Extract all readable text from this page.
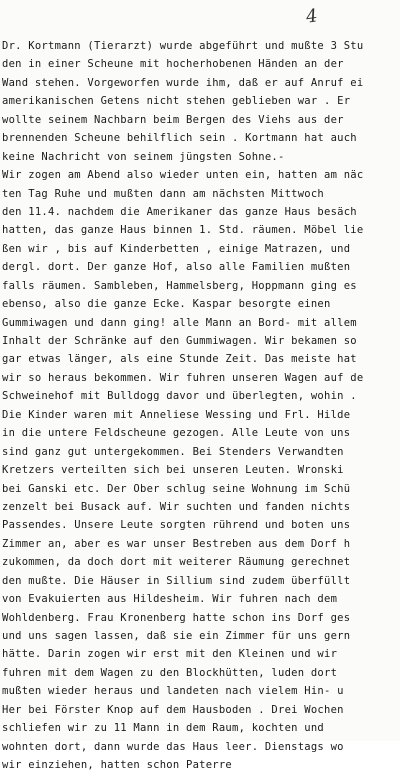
4
Dr. Kortmann (Tierarzt) wurde abgeführt und mußte 3 Stu
den in einer Scheune mit hocherhobenen Händen an der
Wand stehen. Vorgeworfen wurde ihm, daß er auf Anruf ei
amerikanischen Getens nicht stehen geblieben war . Er
wollte seinem Nachbarn beim Bergen des Viehs aus der
brennenden Scheune behilflich sein . Kortmann hat auch
keine Nachricht von seinem jüngsten Sohne.-
Wir zogen am Abend also wieder unten ein, hatten am näc
ten Tag Ruhe und mußten dann am nächsten Mittwoch
den 11.4. nachdem die Amerikaner das ganze Haus besäch
hatten, das ganze Haus binnen 1. Std. räumen. Möbel lie
ßen wir , bis auf Kinderbetten , einige Matrazen, und
dergl. dort. Der ganze Hof, also alle Familien mußten
falls räumen. Sambleben, Hammelsberg, Hoppmann ging es
ebenso, also die ganze Ecke. Kaspar besorgte einen
Gummiwagen und dann ging! alle Mann an Bord- mit allem
Inhalt der Schränke auf den Gummiwagen. Wir bekamen so
gar etwas länger, als eine Stunde Zeit. Das meiste hat
wir so heraus bekommen. Wir fuhren unseren Wagen auf de
Schweinehof mit Bulldogg davor und überlegten, wohin .
Die Kinder waren mit Anneliese Wessing und Frl. Hilde
in die untere Feldscheune gezogen. Alle Leute von uns
sind ganz gut untergekommen. Bei Stenders Verwandten
Kretzers verteilten sich bei unseren Leuten. Wronski
bei Ganski etc. Der Ober schlug seine Wohnung im Schü
zenzelt bei Busack auf. Wir suchten und fanden nichts
Passendes. Unsere Leute sorgten rührend und boten uns
Zimmer an, aber es war unser Bestreben aus dem Dorf h
zukommen, da doch dort mit weiterer Räumung gerechnet
den mußte. Die Häuser in Sillium sind zudem überfüllt
von Evakuierten aus Hildesheim. Wir fuhren nach dem
Wohldenberg. Frau Kronenberg hatte schon ins Dorf ges
und uns sagen lassen, daß sie ein Zimmer für uns gern
hätte. Darin zogen wir erst mit den Kleinen und wir
fuhren mit dem Wagen zu den Blockhütten, luden dort
mußten wieder heraus und landeten nach vielem Hin- u
Her bei Förster Knop auf dem Hausboden . Drei Wochen
schliefen wir zu 11 Mann in dem Raum, kochten und
wohnten dort, dann wurde das Haus leer. Dienstags wo
wir einziehen, hatten schon Paterre
